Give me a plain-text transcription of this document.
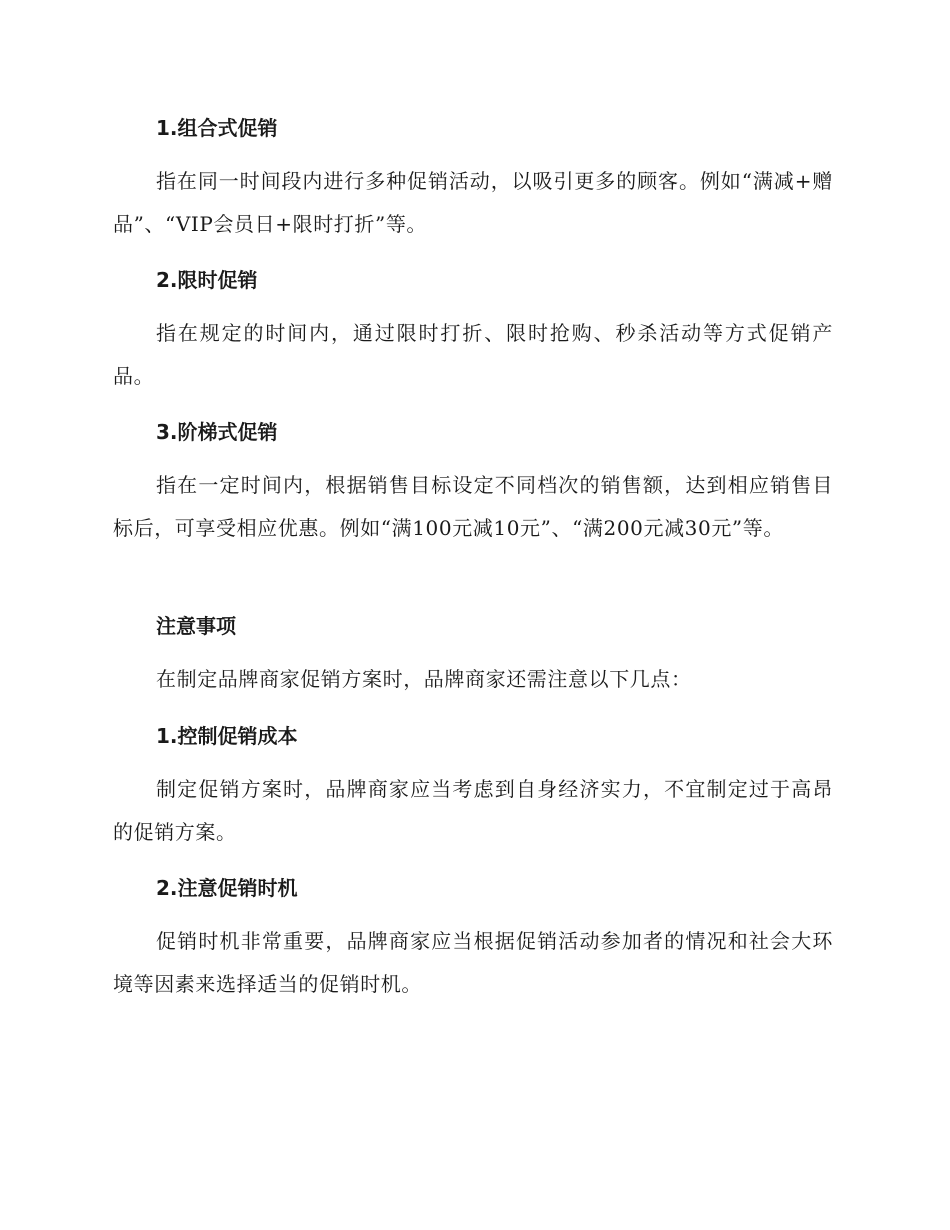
1.组合式促销

指在同一时间段内进行多种促销活动，以吸引更多的顾客。例如“满减+赠品”、“VIP会员日+限时打折”等。

2.限时促销

指在规定的时间内，通过限时打折、限时抢购、秒杀活动等方式促销产品。

3.阶梯式促销

指在一定时间内，根据销售目标设定不同档次的销售额，达到相应销售目标后，可享受相应优惠。例如“满100元减10元”、“满200元减30元”等。

注意事项

在制定品牌商家促销方案时，品牌商家还需注意以下几点：

1.控制促销成本

制定促销方案时，品牌商家应当考虑到自身经济实力，不宜制定过于高昂的促销方案。

2.注意促销时机

促销时机非常重要，品牌商家应当根据促销活动参加者的情况和社会大环境等因素来选择适当的促销时机。
